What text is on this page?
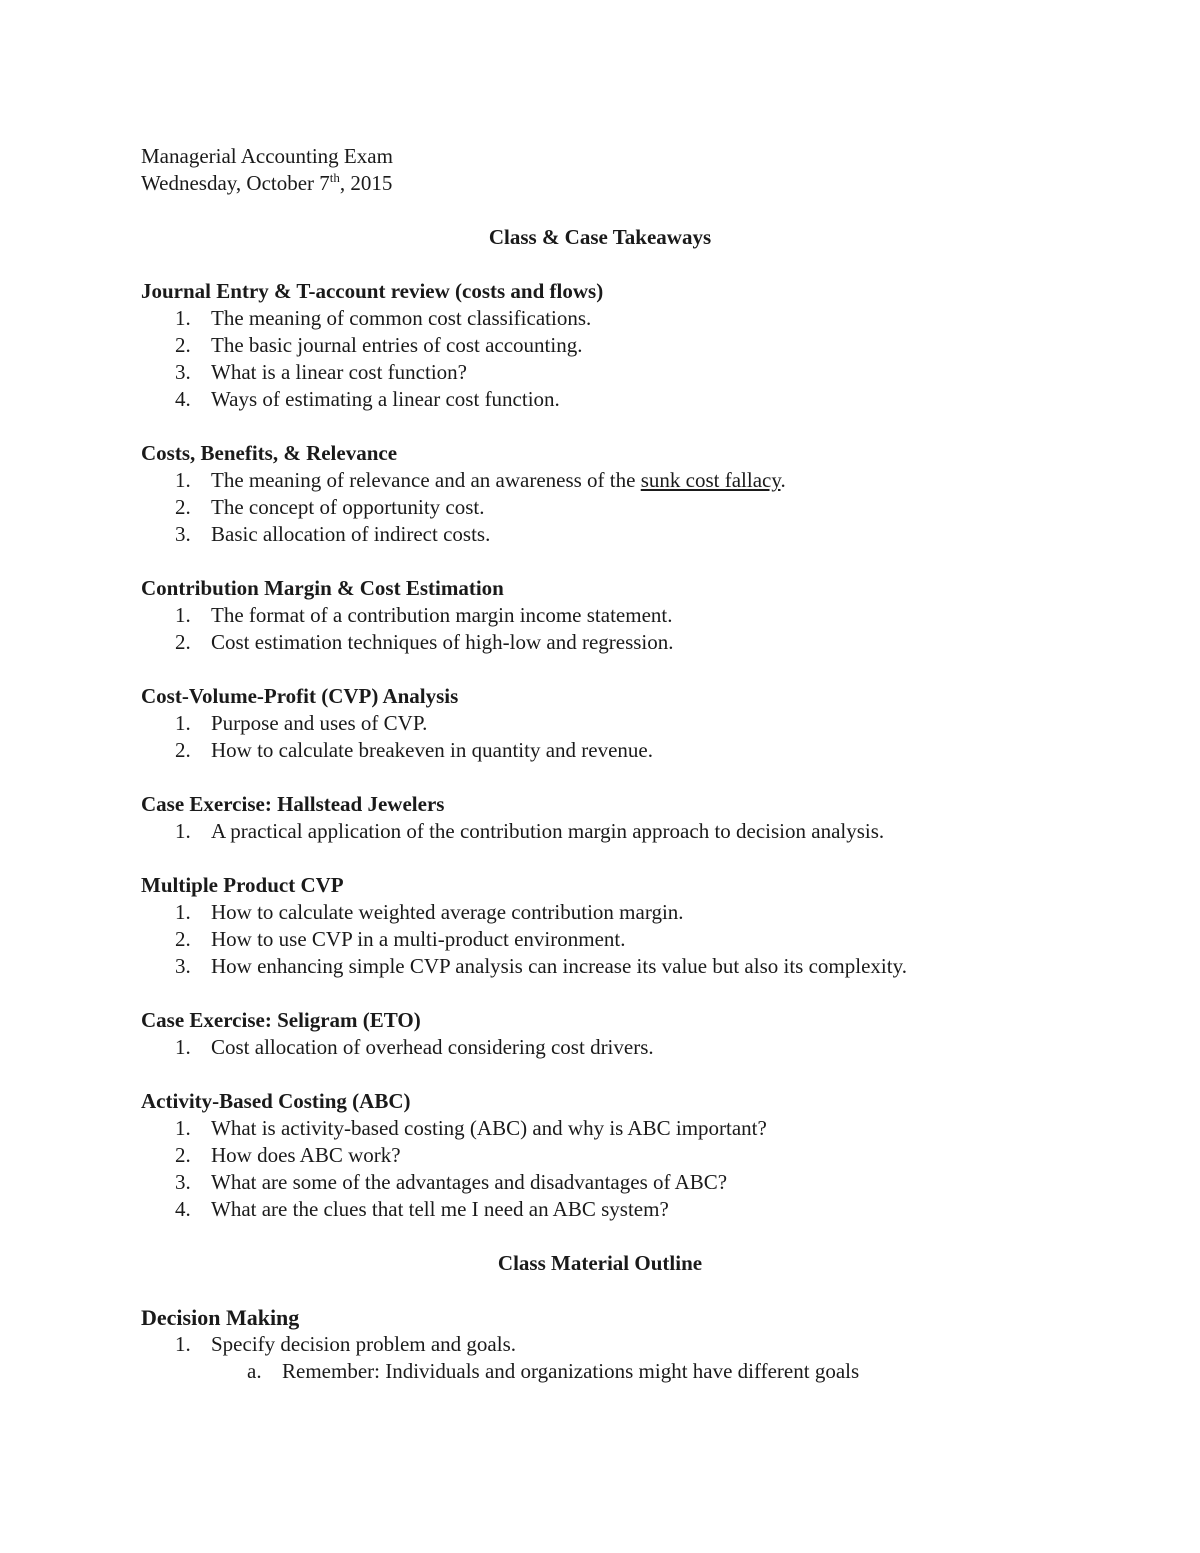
Managerial Accounting Exam
Wednesday, October 7th, 2015
Class & Case Takeaways
Journal Entry & T-account review (costs and flows)
1. The meaning of common cost classifications.
2. The basic journal entries of cost accounting.
3. What is a linear cost function?
4. Ways of estimating a linear cost function.
Costs, Benefits, & Relevance
1. The meaning of relevance and an awareness of the sunk cost fallacy.
2. The concept of opportunity cost.
3. Basic allocation of indirect costs.
Contribution Margin & Cost Estimation
1. The format of a contribution margin income statement.
2. Cost estimation techniques of high-low and regression.
Cost-Volume-Profit (CVP) Analysis
1. Purpose and uses of CVP.
2. How to calculate breakeven in quantity and revenue.
Case Exercise: Hallstead Jewelers
1. A practical application of the contribution margin approach to decision analysis.
Multiple Product CVP
1. How to calculate weighted average contribution margin.
2. How to use CVP in a multi-product environment.
3. How enhancing simple CVP analysis can increase its value but also its complexity.
Case Exercise: Seligram (ETO)
1. Cost allocation of overhead considering cost drivers.
Activity-Based Costing (ABC)
1. What is activity-based costing (ABC) and why is ABC important?
2. How does ABC work?
3. What are some of the advantages and disadvantages of ABC?
4. What are the clues that tell me I need an ABC system?
Class Material Outline
Decision Making
1. Specify decision problem and goals.
a. Remember: Individuals and organizations might have different goals
